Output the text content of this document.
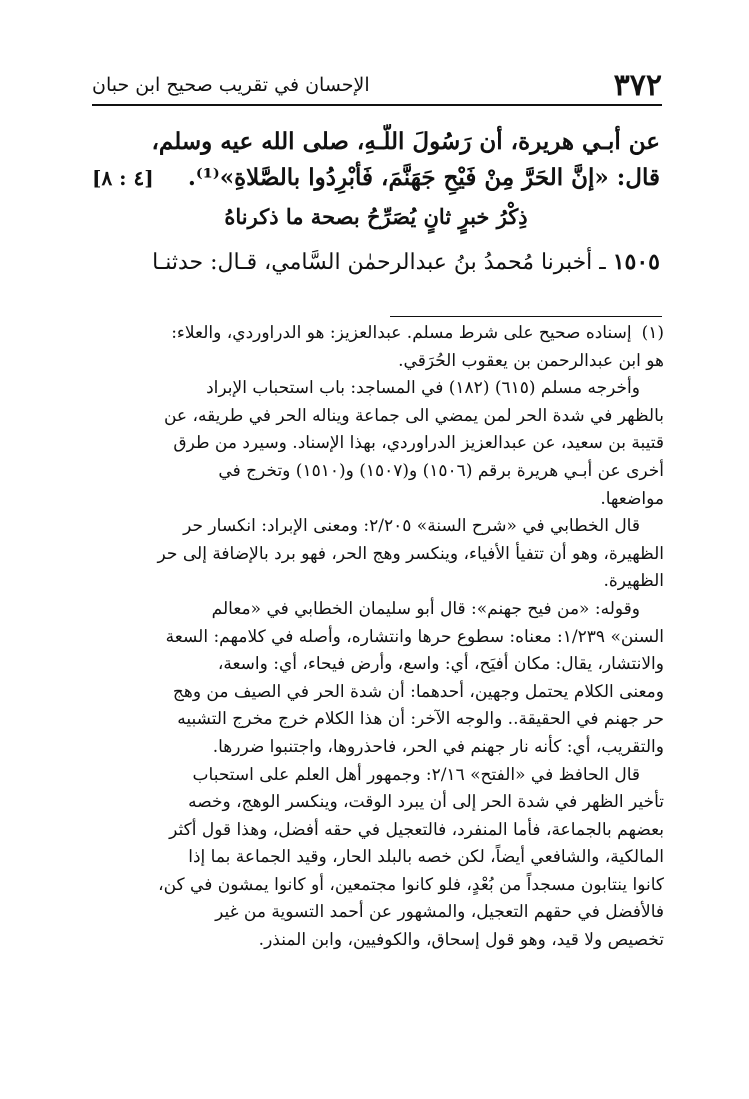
٣٧٢
الإحسان في تقريب صحيح ابن حبان
عن أبـي هريرة، أن رَسُولَ اللّـهِ، صلى الله عيه وسلم،
قال: «إنَّ الحَرَّ مِنْ فَيْحِ جَهَنَّمَ، فَأبْرِدُوا بالصَّلاةِ»⁽¹⁾.
[٤ : ٨]
ذِكْرُ خبرٍ ثانٍ يُصَرِّحُ بصحة ما ذكرناهُ
١٥٠٥ ـ أخبرنا مُحمدُ بنُ عبدالرحمٰن السَّامي، قـال: حدثنـا
(١)
إسناده صحيح على شرط مسلم. عبدالعزيز: هو الدراوردي، والعلاء:
هو ابن عبدالرحمن بن يعقوب الحُرَقي.
وأخرجه مسلم (٦١٥) (١٨٢) في المساجد: باب استحباب الإبراد
بالظهر في شدة الحر لمن يمضي الى جماعة ويناله الحر في طريقه، عن
قتيبة بن سعيد، عن عبدالعزيز الدراوردي، بهذا الإسناد. وسيرد من طرق
أخرى عن أبـي هريرة برقم (١٥٠٦) و(١٥٠٧) و(١٥١٠) وتخرج في
مواضعها.
قال الخطابي في «شرح السنة» ٢/٢٠٥: ومعنى الإبراد: انكسار حر
الظهيرة، وهو أن تتفيأ الأفياء، وينكسر وهج الحر، فهو برد بالإضافة إلى حر
الظهيرة.
وقوله: «من فيح جهنم»: قال أبو سليمان الخطابي في «معالم
السنن» ١/٢٣٩: معناه: سطوع حرها وانتشاره، وأصله في كلامهم: السعة
والانتشار، يقال: مكان أفيَح، أي: واسع، وأرض فيحاء، أي: واسعة،
ومعنى الكلام يحتمل وجهين، أحدهما: أن شدة الحر في الصيف من وهج
حر جهنم في الحقيقة.. والوجه الآخر: أن هذا الكلام خرج مخرج التشبيه
والتقريب، أي: كأنه نار جهنم في الحر، فاحذروها، واجتنبوا ضررها.
قال الحافظ في «الفتح» ٢/١٦: وجمهور أهل العلم على استحباب
تأخير الظهر في شدة الحر إلى أن يبرد الوقت، وينكسر الوهج، وخصه
بعضهم بالجماعة، فأما المنفرد، فالتعجيل في حقه أفضل، وهذا قول أكثر
المالكية، والشافعي أيضاً، لكن خصه بالبلد الحار، وقيد الجماعة بما إذا
كانوا ينتابون مسجداً من بُعْدٍ، فلو كانوا مجتمعين، أو كانوا يمشون في كن،
فالأفضل في حقهم التعجيل، والمشهور عن أحمد التسوية من غير
تخصيص ولا قيد، وهو قول إسحاق، والكوفيين، وابن المنذر.
